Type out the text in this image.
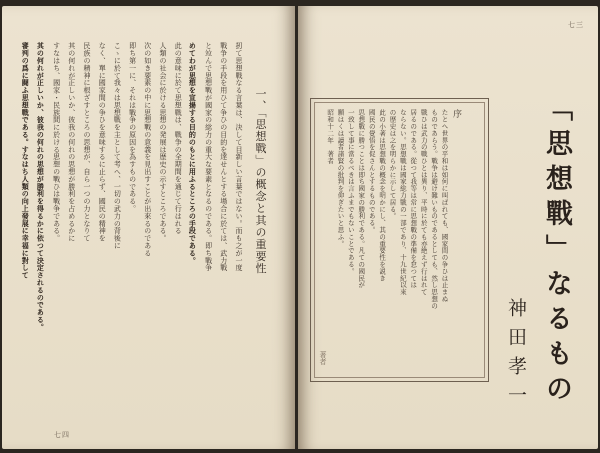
七四
扨て思想戰なる言葉は、決して目新しい言葉ではない。而も之が一度
戰争の手段を用ひて争ひの目的を達せんとする場合に於ては、武力戰
と竝んで思想戰が國家の総力の重大な要素となるのである。即ち戰争
めてわが思想を宣揚する目的のもとに用ふるところの手段である。
此の意味に於て思想戰は、戰争の全期間を通じて行はれる
人類の社会に於ける思想の発展は歴史の示すところである。
次の如き要素の中に思想戰の意義を見出すことが出來るのである
即ち第一に、それは戰争の原因を為すものである。
こゝに於て我々は思想戰を主として考へ、一切の武力の背後に
なく、單に國家間の争ひを意味するに止らず、國民の精神を
民族の精神に根ざすところの思想が、自ら一つの力となりて
其の何れが正しいか、彼我の何れの思想が勝利を占めるかに
すなはち、國家・民族間に於ける思想の戰ひは戰争である。
其の何れが正しいか、彼我の何れの思想が勝利を得るかに依つて決定されるのである。
審判の爲に闘ふ思想戰である。すなはち人類の向上發展に幸福に對して	一、「思想戰」の概念と其の重要性
七三
「思想戰」なるもの
神田孝一
序
たとへ世界の平和は如何に叫ばれても、國家間の争ひは止まぬ
ものであらう。戰争は避け難いものであるとしても、然し思想の
戰ひは武力の戰ひとは異り、平時に於ても亦絶えず行はれて
居るのである。從つて我等は常に思想戰の準備を怠つては
ならない。思想戰は國家総力戰の一部であり、十九世紀以來
の歴史は之を明らかに示して居る。
此の小著は思想戰の概念を明かにし、其の重要性を説き
國民の覺悟を促さんとするものである。
思想戰に勝つことは即ち國家の勝利である。凡ての國民が
一致して事に當るべきは言ふまでもないことである。
願はくは讀者諸賢の批判を仰ぎたいと思ふ。
昭和十二年　著者
著者
